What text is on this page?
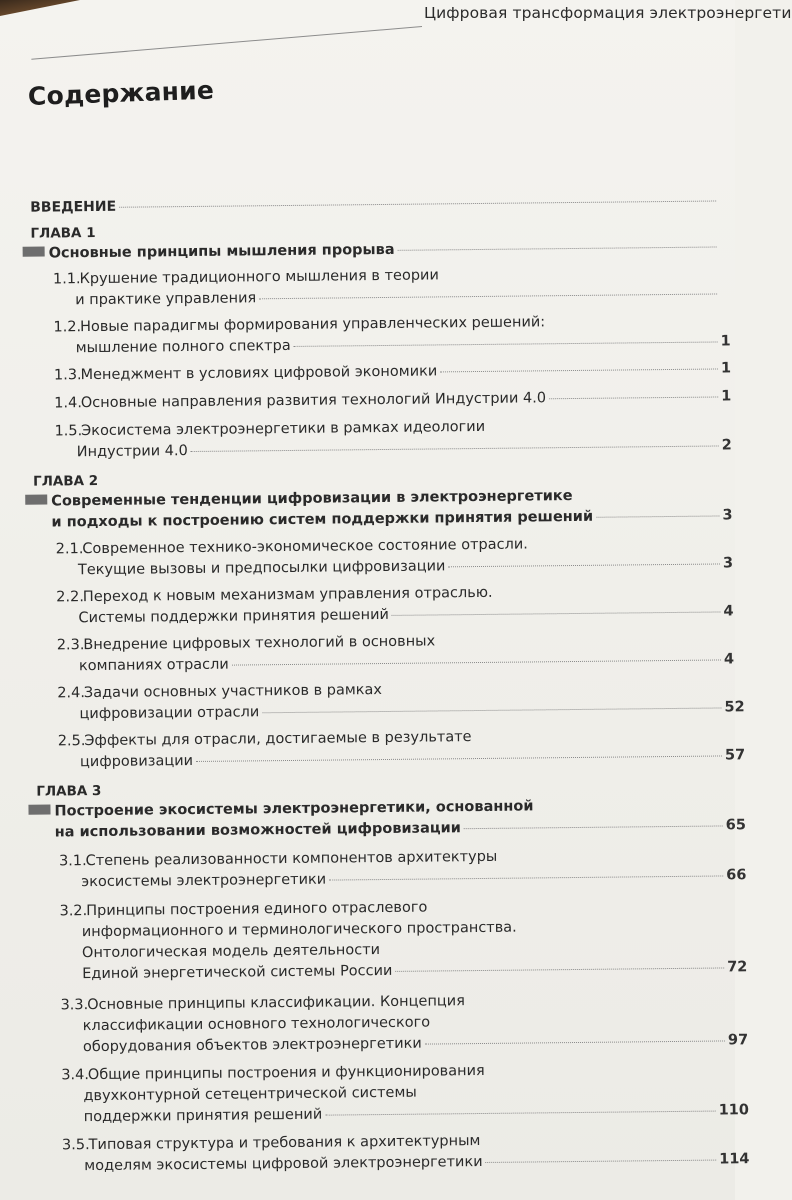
Цифровая трансформация электроэнергети
Содержание
ВВЕДЕНИЕ
ГЛАВА 1
Основные принципы мышления прорыва
1.1. Крушение традиционного мышления в теории
и практике управления
1.2. Новые парадигмы формирования управленческих решений:
мышление полного спектра	1
1.3. Менеджмент в условиях цифровой экономики	1
1.4. Основные направления развития технологий Индустрии 4.0	1
1.5. Экосистема электроэнергетики в рамках идеологии
Индустрии 4.0	2
ГЛАВА 2
Современные тенденции цифровизации в электроэнергетике
и подходы к построению систем поддержки принятия решений	3
2.1. Современное технико-экономическое состояние отрасли.
Текущие вызовы и предпосылки цифровизации	3
2.2. Переход к новым механизмам управления отраслью.
Системы поддержки принятия решений	4
2.3. Внедрение цифровых технологий в основных
компаниях отрасли	4
2.4. Задачи основных участников в рамках
цифровизации отрасли	52
2.5. Эффекты для отрасли, достигаемые в результате
цифровизации	57
ГЛАВА 3
Построение экосистемы электроэнергетики, основанной
на использовании возможностей цифровизации	65
3.1. Степень реализованности компонентов архитектуры
экосистемы электроэнергетики	66
3.2. Принципы построения единого отраслевого
информационного и терминологического пространства.
Онтологическая модель деятельности
Единой энергетической системы России	72
3.3. Основные принципы классификации. Концепция
классификации основного технологического
оборудования объектов электроэнергетики	97
3.4. Общие принципы построения и функционирования
двухконтурной сетецентрической системы
поддержки принятия решений	110
3.5. Типовая структура и требования к архитектурным
моделям экосистемы цифровой электроэнергетики	114
